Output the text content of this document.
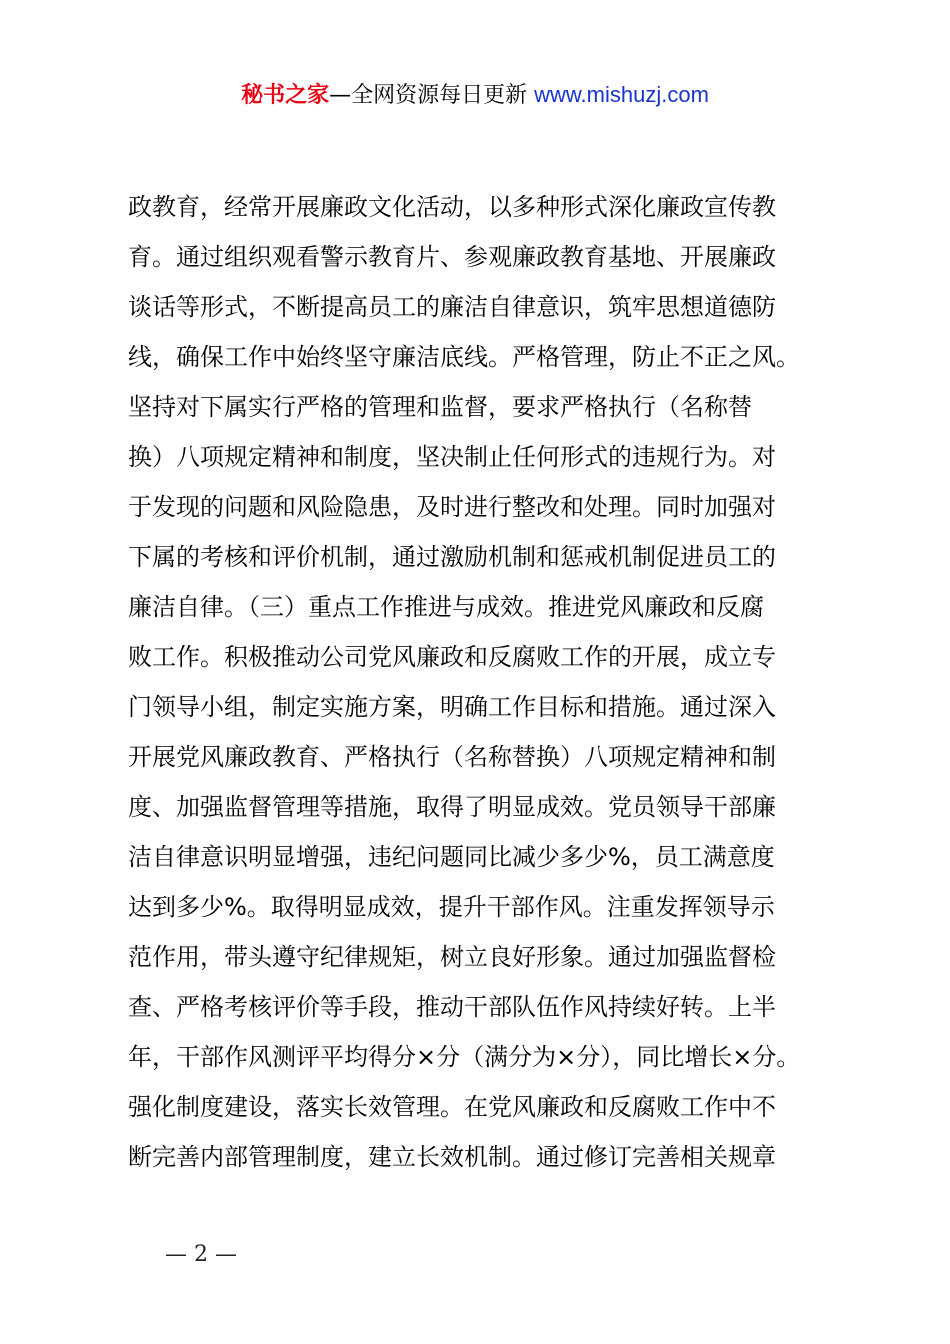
秘书之家—全网资源每日更新 www.mishuzj.com
政教育，经常开展廉政文化活动，以多种形式深化廉政宣传教
育。通过组织观看警示教育片、参观廉政教育基地、开展廉政
谈话等形式，不断提高员工的廉洁自律意识，筑牢思想道德防
线，确保工作中始终坚守廉洁底线。严格管理，防止不正之风。
坚持对下属实行严格的管理和监督，要求严格执行（名称替
换）八项规定精神和制度，坚决制止任何形式的违规行为。对
于发现的问题和风险隐患，及时进行整改和处理。同时加强对
下属的考核和评价机制，通过激励机制和惩戒机制促进员工的
廉洁自律。（三）重点工作推进与成效。推进党风廉政和反腐
败工作。积极推动公司党风廉政和反腐败工作的开展，成立专
门领导小组，制定实施方案，明确工作目标和措施。通过深入
开展党风廉政教育、严格执行（名称替换）八项规定精神和制
度、加强监督管理等措施，取得了明显成效。党员领导干部廉
洁自律意识明显增强，违纪问题同比减少多少%，员工满意度
达到多少%。取得明显成效，提升干部作风。注重发挥领导示
范作用，带头遵守纪律规矩，树立良好形象。通过加强监督检
查、严格考核评价等手段，推动干部队伍作风持续好转。上半
年，干部作风测评平均得分×分（满分为×分），同比增长×分。
强化制度建设，落实长效管理。在党风廉政和反腐败工作中不
断完善内部管理制度，建立长效机制。通过修订完善相关规章
— 2 —
